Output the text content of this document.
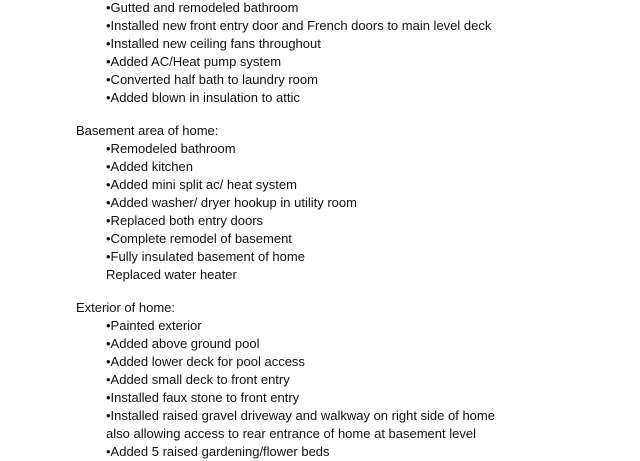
•Gutted and remodeled bathroom
•Installed new front entry door and French doors to main level deck
•Installed new ceiling fans throughout
•Added AC/Heat pump system
•Converted half bath to laundry room
•Added blown in insulation to attic
Basement area of home:
•Remodeled bathroom
•Added kitchen
•Added mini split ac/ heat system
•Added washer/ dryer hookup in utility room
•Replaced both entry doors
•Complete remodel of basement
•Fully insulated basement of home
Replaced water heater
Exterior of home:
•Painted exterior
•Added above ground pool
•Added lower deck for pool access
•Added small deck to front entry
•Installed faux stone to front entry
•Installed raised gravel driveway and walkway on right side of home
also allowing access to rear entrance of home at basement level
•Added 5 raised gardening/flower beds
